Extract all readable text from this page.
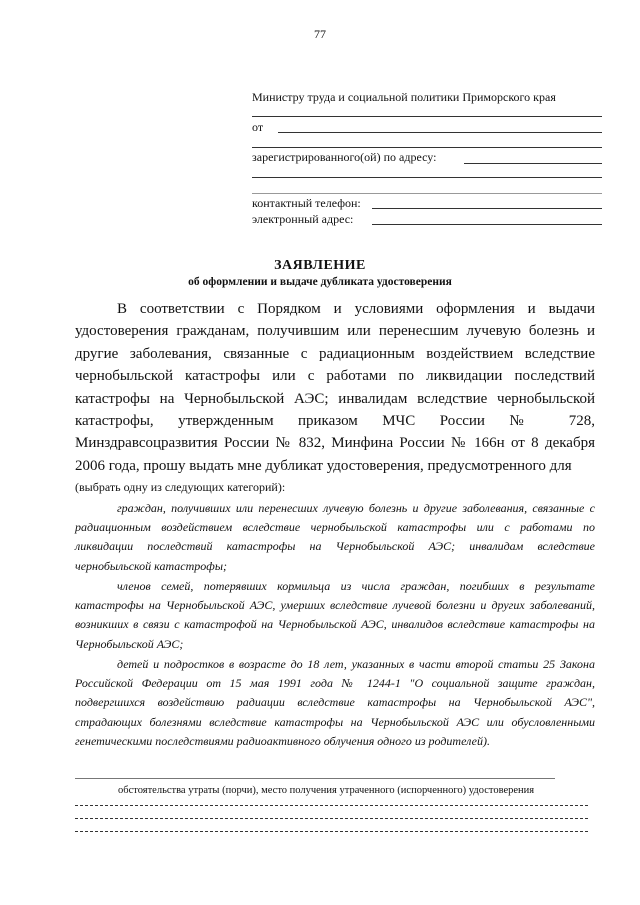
77
Министру труда и социальной политики Приморского края
от
зарегистрированного(ой) по адресу:
контактный телефон:
электронный адрес:
ЗАЯВЛЕНИЕ
об оформлении и выдаче дубликата удостоверения

В соответствии с Порядком и условиями оформления и выдачи удостоверения гражданам, получившим или перенесшим лучевую болезнь и другие заболевания, связанные с радиационным воздействием вследствие чернобыльской катастрофы или с работами по ликвидации последствий катастрофы на Чернобыльской АЭС; инвалидам вследствие чернобыльской катастрофы, утвержденным приказом МЧС России № 728, Минздравсоцразвития России № 832, Минфина России № 166н от 8 декабря 2006 года, прошу выдать мне дубликат удостоверения, предусмотренного для

(выбрать одну из следующих категорий):

граждан, получивших или перенесших лучевую болезнь и другие заболевания, связанные с радиационным воздействием вследствие чернобыльской катастрофы или с работами по ликвидации последствий катастрофы на Чернобыльской АЭС; инвалидам вследствие чернобыльской катастрофы;

членов семей, потерявших кормильца из числа граждан, погибших в результате катастрофы на Чернобыльской АЭС, умерших вследствие лучевой болезни и других заболеваний, возникших в связи с катастрофой на Чернобыльской АЭС, инвалидов вследствие катастрофы на Чернобыльской АЭС;

детей и подростков в возрасте до 18 лет, указанных в части второй статьи 25 Закона Российской Федерации от 15 мая 1991 года № 1244-1 "О социальной защите граждан, подвергшихся воздействию радиации вследствие катастрофы на Чернобыльской АЭС", страдающих болезнями вследствие катастрофы на Чернобыльской АЭС или обусловленными генетическими последствиями радиоактивного облучения одного из родителей).

обстоятельства утраты (порчи), место получения утраченного (испорченного) удостоверения
